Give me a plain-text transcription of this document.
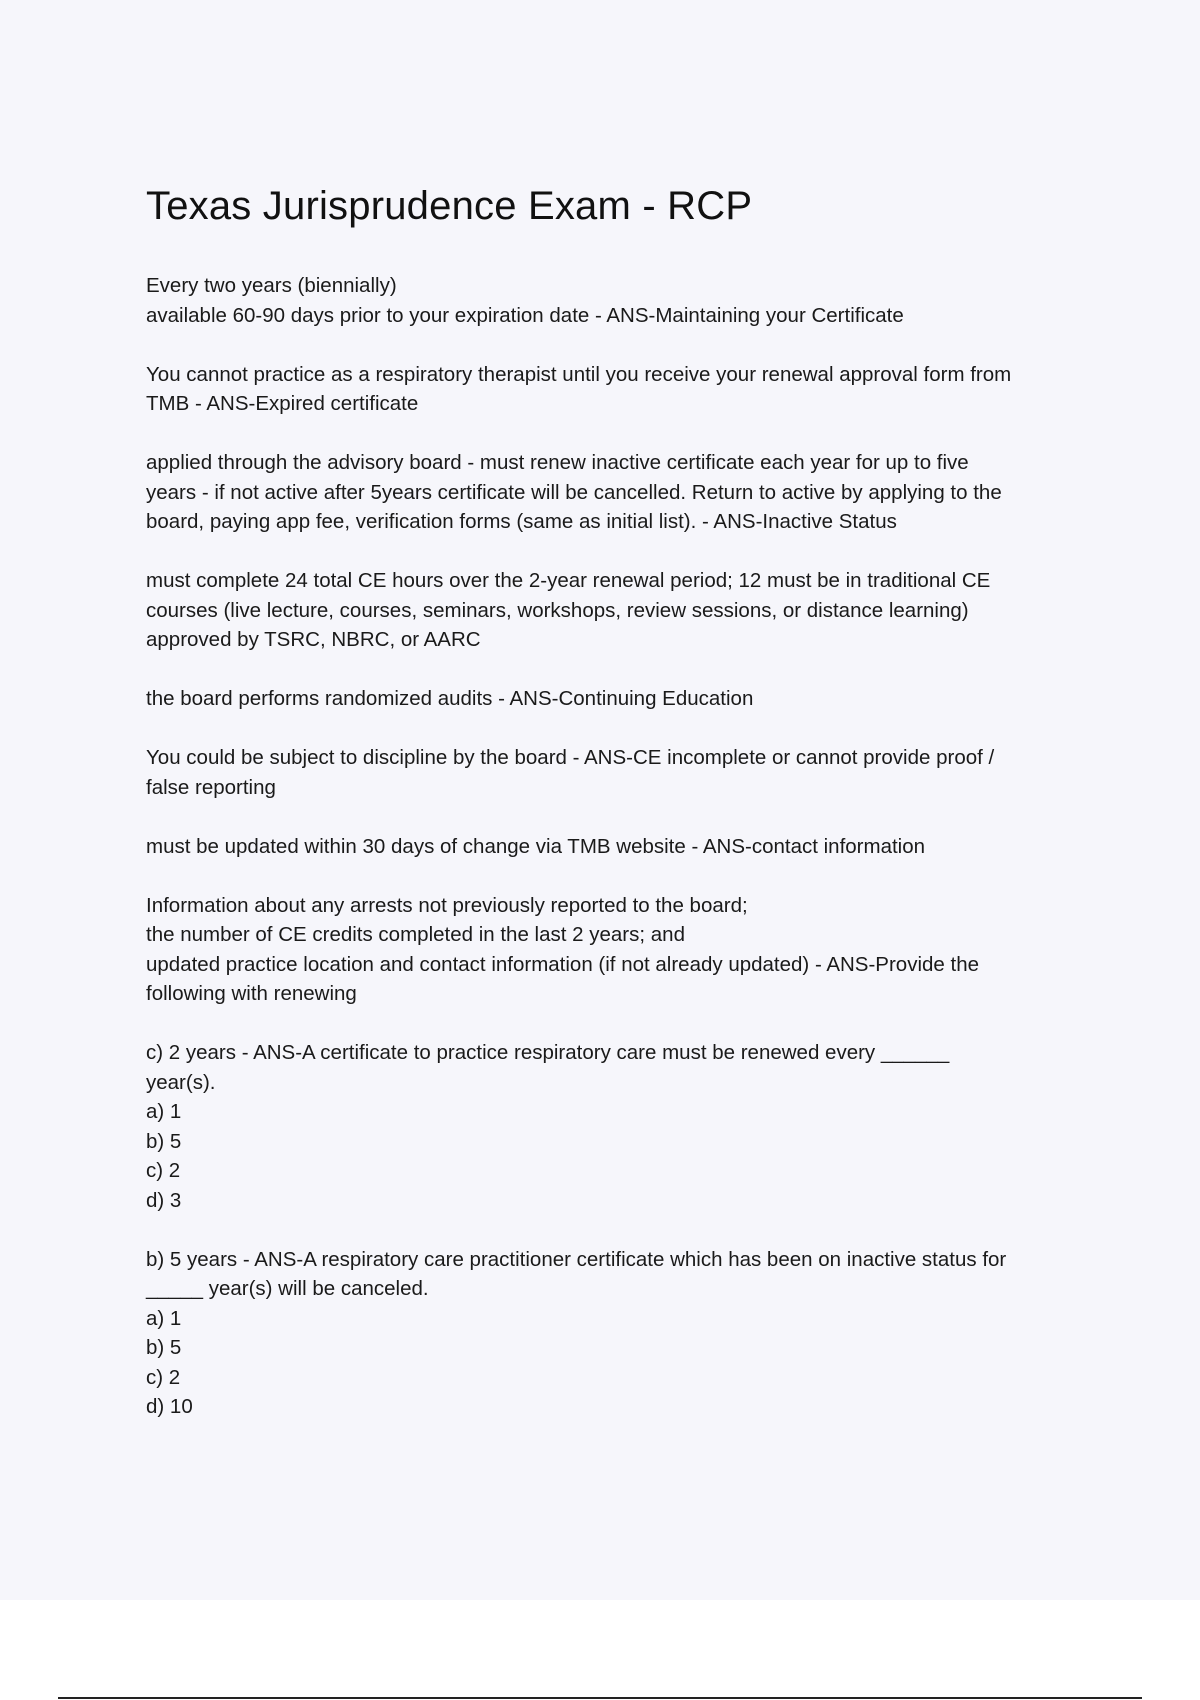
Texas Jurisprudence Exam - RCP
Every two years (biennially)
available 60-90 days prior to your expiration date - ANS-Maintaining your Certificate
You cannot practice as a respiratory therapist until you receive your renewal approval form from
TMB - ANS-Expired certificate
applied through the advisory board - must renew inactive certificate each year for up to five
years - if not active after 5years certificate will be cancelled. Return to active by applying to the
board, paying app fee, verification forms (same as initial list). - ANS-Inactive Status
must complete 24 total CE hours over the 2-year renewal period; 12 must be in traditional CE
courses (live lecture, courses, seminars, workshops, review sessions, or distance learning)
approved by TSRC, NBRC, or AARC
the board performs randomized audits - ANS-Continuing Education
You could be subject to discipline by the board - ANS-CE incomplete or cannot provide proof /
false reporting
must be updated within 30 days of change via TMB website - ANS-contact information
Information about any arrests not previously reported to the board;
the number of CE credits completed in the last 2 years; and
updated practice location and contact information (if not already updated) - ANS-Provide the
following with renewing
c) 2 years - ANS-A certificate to practice respiratory care must be renewed every ______
year(s).
a) 1
b) 5
c) 2
d) 3
b) 5 years - ANS-A respiratory care practitioner certificate which has been on inactive status for
_____ year(s) will be canceled.
a) 1
b) 5
c) 2
d) 10
